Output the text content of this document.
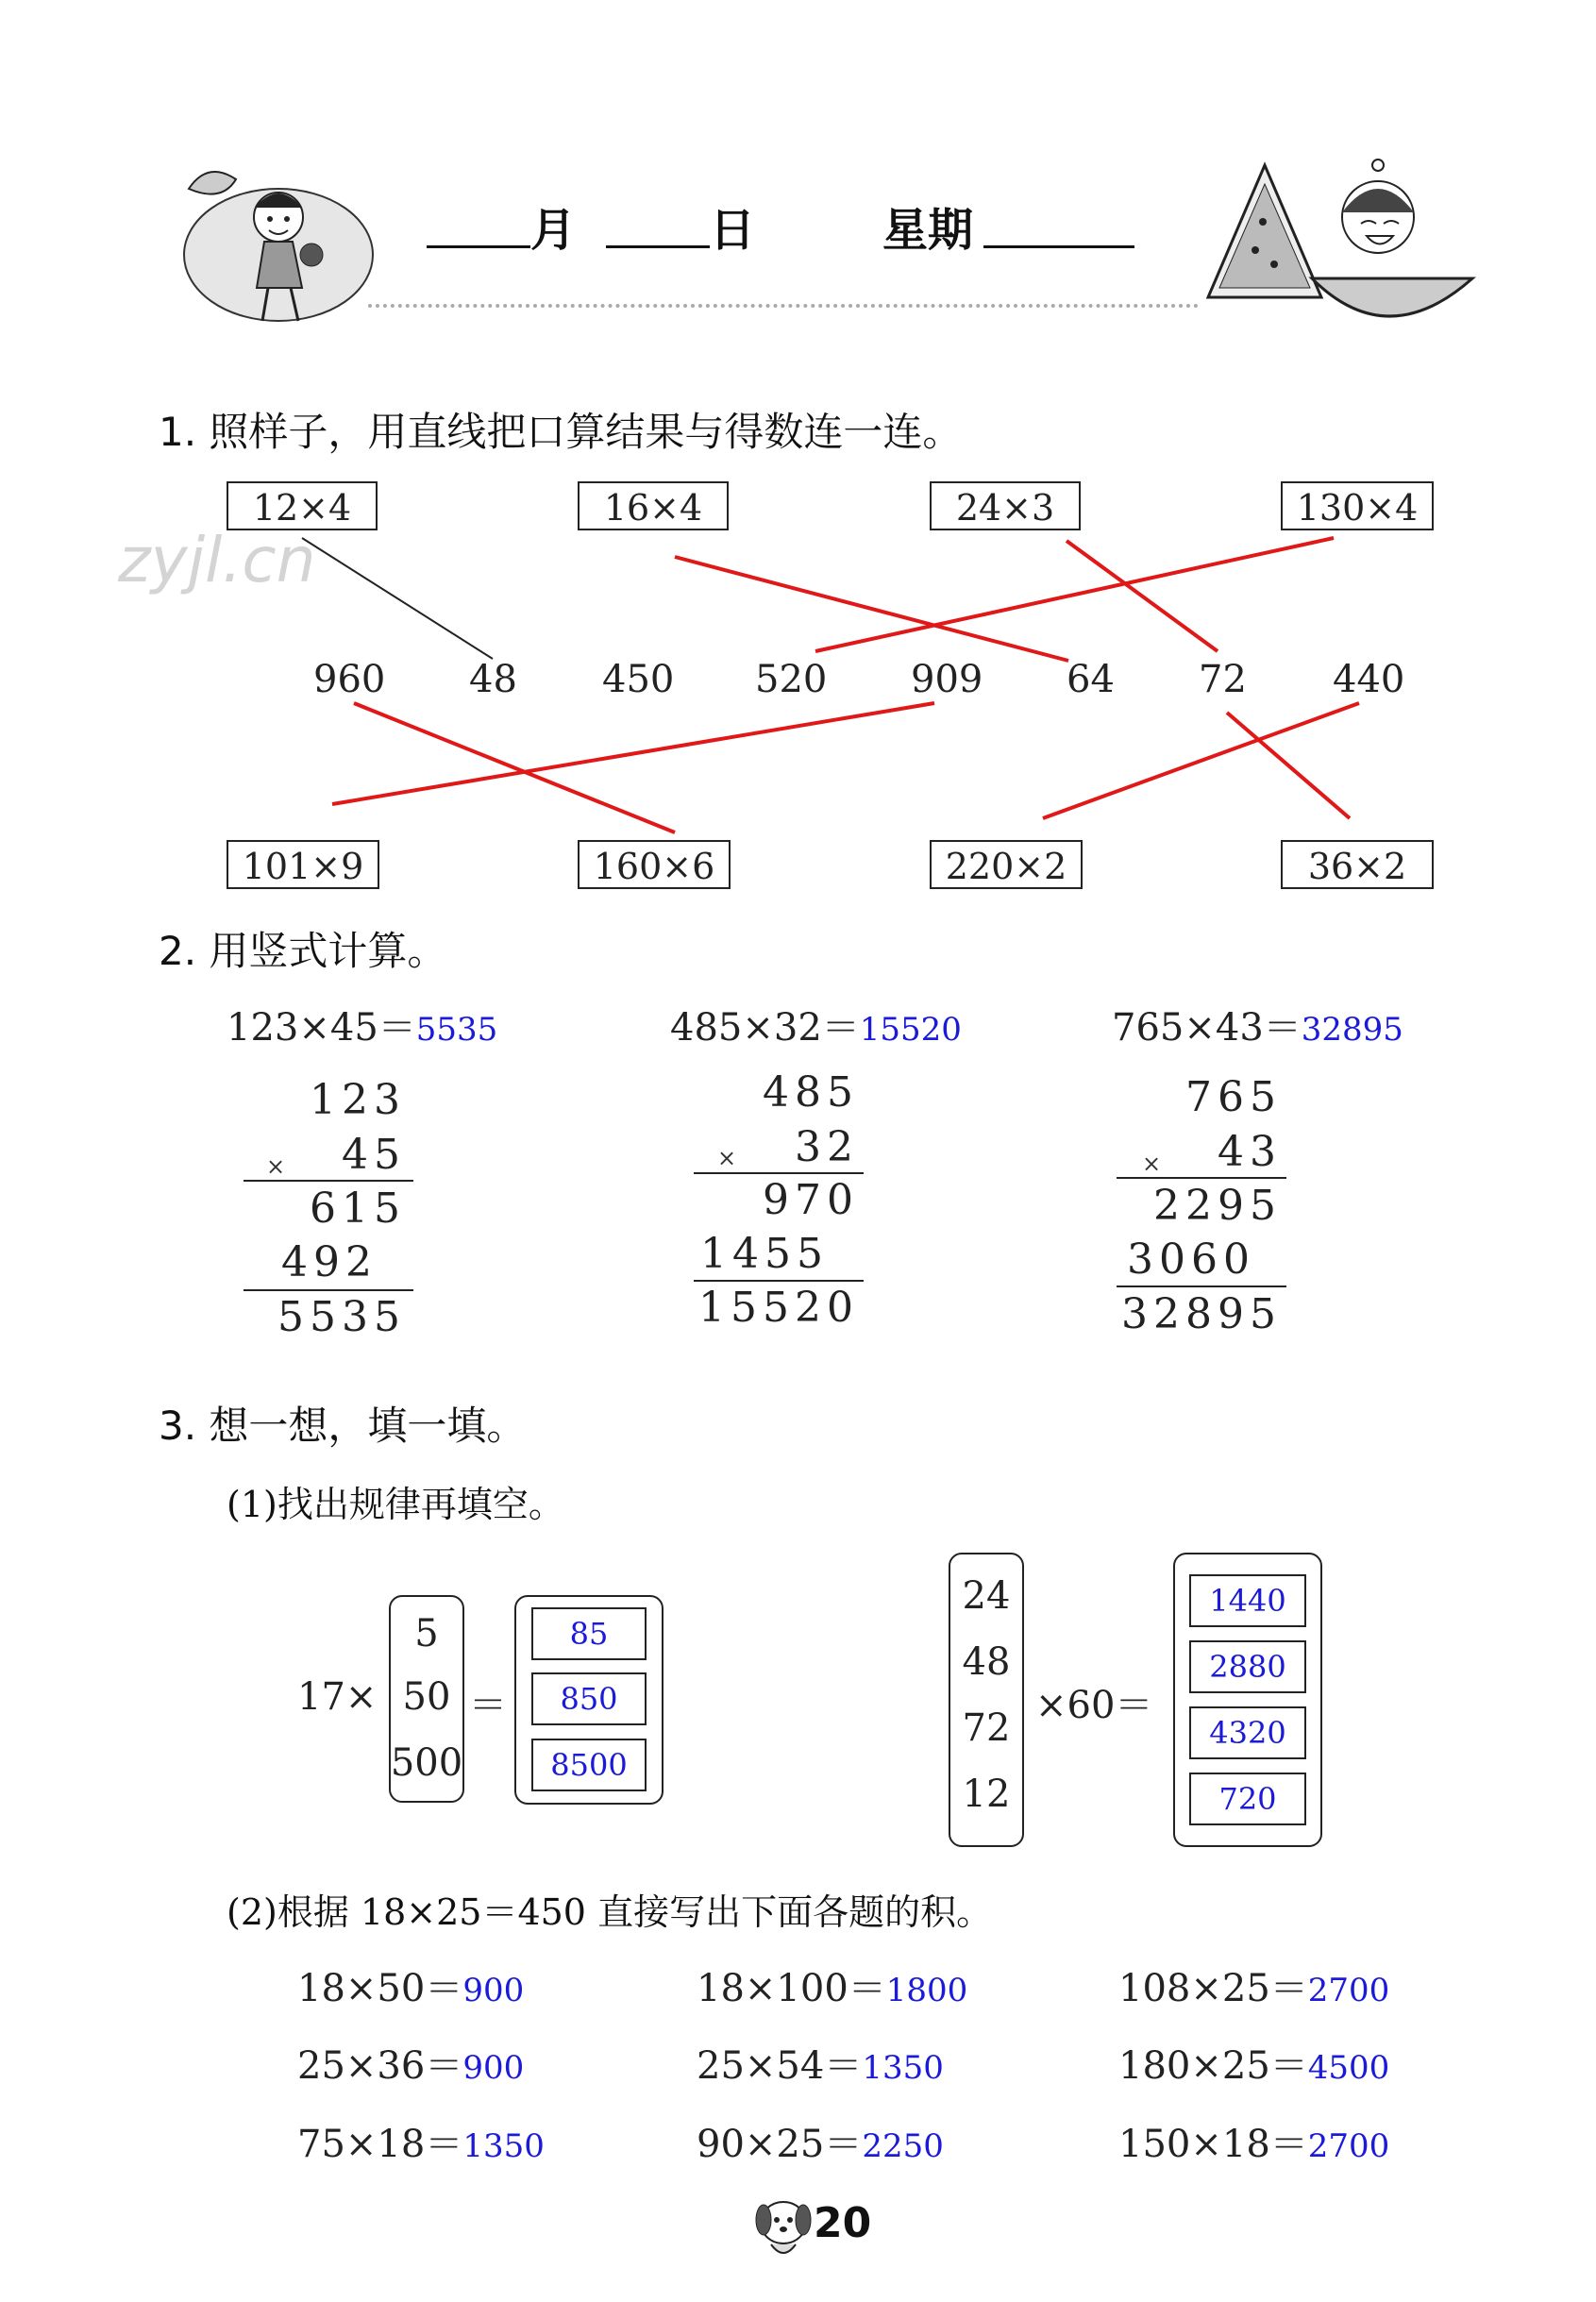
月	日	星期
1. 照样子，用直线把口算结果与得数连一连。
zyjl.cn
12×4	16×4	24×3	130×4
960 48 450 520 909 64 72 440
101×9	160×6	220×2	36×2
2. 用竖式计算。
123×45＝5535
123
×	45
615
492
5535
485×32＝15520
485
×	32
970
1455
15520
765×43＝32895
765
×	43
2295
3060
32895
3. 想一想，填一填。
(1)找出规律再填空。
17×
5
50
500
＝
85
850
8500
24
48
72
12
×60＝
1440
2880
4320
720
(2)根据 18×25＝450 直接写出下面各题的积。
18×50＝900	18×100＝1800	108×25＝2700
25×36＝900	25×54＝1350	180×25＝4500
75×18＝1350	90×25＝2250	150×18＝2700
20
